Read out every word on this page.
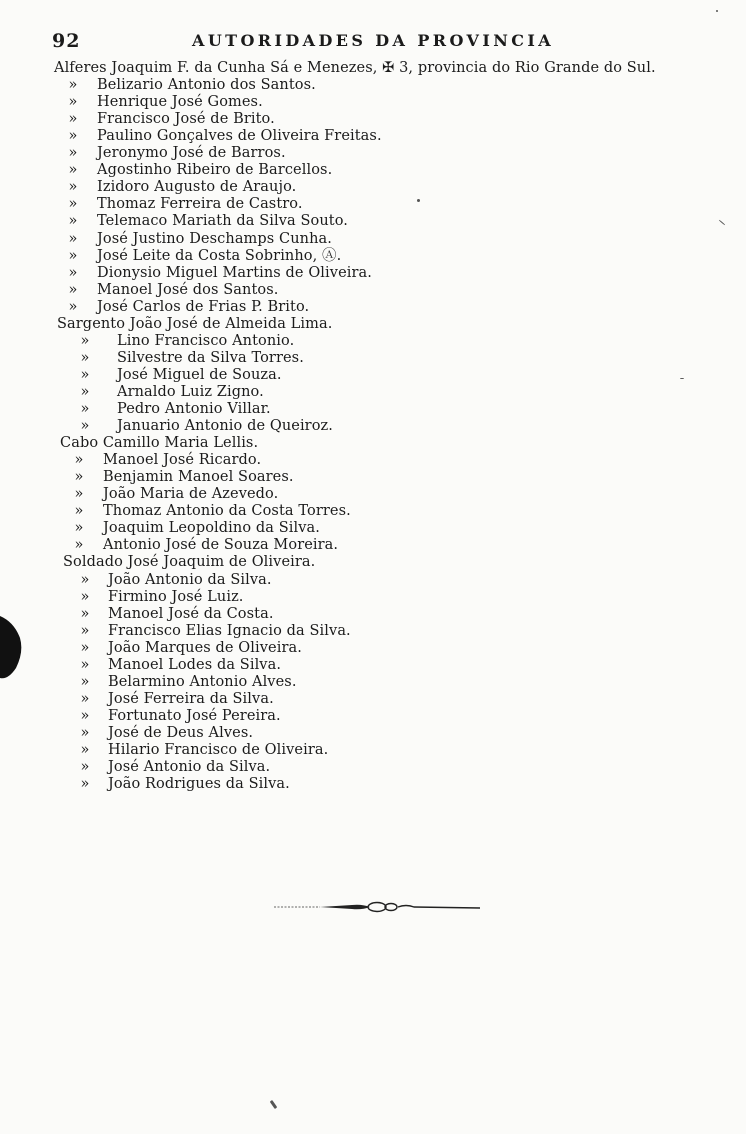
92	AUTORIDADES DA PROVINCIA
Alferes Joaquim F. da Cunha Sá e Menezes, ✠ 3, provincia do Rio Grande do Sul.
» Belizario Antonio dos Santos.
» Henrique José Gomes.
» Francisco José de Brito.
» Paulino Gonçalves de Oliveira Freitas.
» Jeronymo José de Barros.
» Agostinho Ribeiro de Barcellos.
» Izidoro Augusto de Araujo.
» Thomaz Ferreira de Castro.
» Telemaco Mariath da Silva Souto.
» José Justino Deschamps Cunha.
» José Leite da Costa Sobrinho, Ⓐ.
» Dionysio Miguel Martins de Oliveira.
» Manoel José dos Santos.
» José Carlos de Frias P. Brito.
Sargento João José de Almeida Lima.
» Lino Francisco Antonio.
» Silvestre da Silva Torres.
» José Miguel de Souza.
» Arnaldo Luiz Zigno.
» Pedro Antonio Villar.
» Januario Antonio de Queiroz.
Cabo Camillo Maria Lellis.
» Manoel José Ricardo.
» Benjamin Manoel Soares.
» João Maria de Azevedo.
» Thomaz Antonio da Costa Torres.
» Joaquim Leopoldino da Silva.
» Antonio José de Souza Moreira.
Soldado José Joaquim de Oliveira.
» João Antonio da Silva.
» Firmino José Luiz.
» Manoel José da Costa.
» Francisco Elias Ignacio da Silva.
» João Marques de Oliveira.
» Manoel Lodes da Silva.
» Belarmino Antonio Alves.
» José Ferreira da Silva.
» Fortunato José Pereira.
» José de Deus Alves.
» Hilario Francisco de Oliveira.
» José Antonio da Silva.
» João Rodrigues da Silva.
